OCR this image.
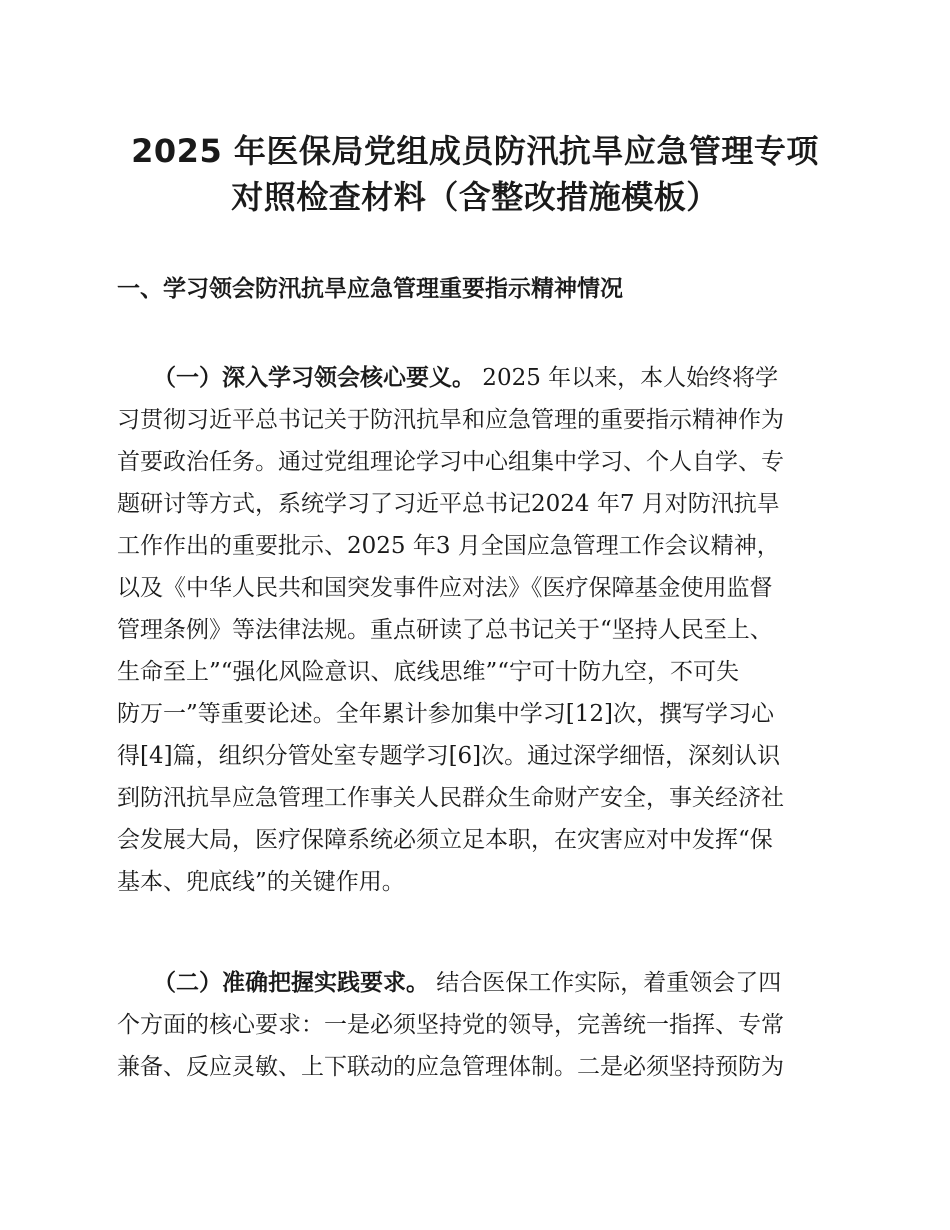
2025 年医保局党组成员防汛抗旱应急管理专项
对照检查材料（含整改措施模板）
一、学习领会防汛抗旱应急管理重要指示精神情况
（一）深入学习领会核心要义。 2025 年以来，本人始终将学
习贯彻习近平总书记关于防汛抗旱和应急管理的重要指示精神作为
首要政治任务。通过党组理论学习中心组集中学习、个人自学、专
题研讨等方式，系统学习了习近平总书记2024 年7 月对防汛抗旱
工作作出的重要批示、2025 年3 月全国应急管理工作会议精神，
以及《中华人民共和国突发事件应对法》《医疗保障基金使用监督
管理条例》等法律法规。重点研读了总书记关于“坚持人民至上、
生命至上”“强化风险意识、底线思维”“宁可十防九空，不可失
防万一”等重要论述。全年累计参加集中学习[12]次，撰写学习心
得[4]篇，组织分管处室专题学习[6]次。通过深学细悟，深刻认识
到防汛抗旱应急管理工作事关人民群众生命财产安全，事关经济社
会发展大局，医疗保障系统必须立足本职，在灾害应对中发挥“保
基本、兜底线”的关键作用。
（二）准确把握实践要求。 结合医保工作实际，着重领会了四
个方面的核心要求：一是必须坚持党的领导，完善统一指挥、专常
兼备、反应灵敏、上下联动的应急管理体制。二是必须坚持预防为
